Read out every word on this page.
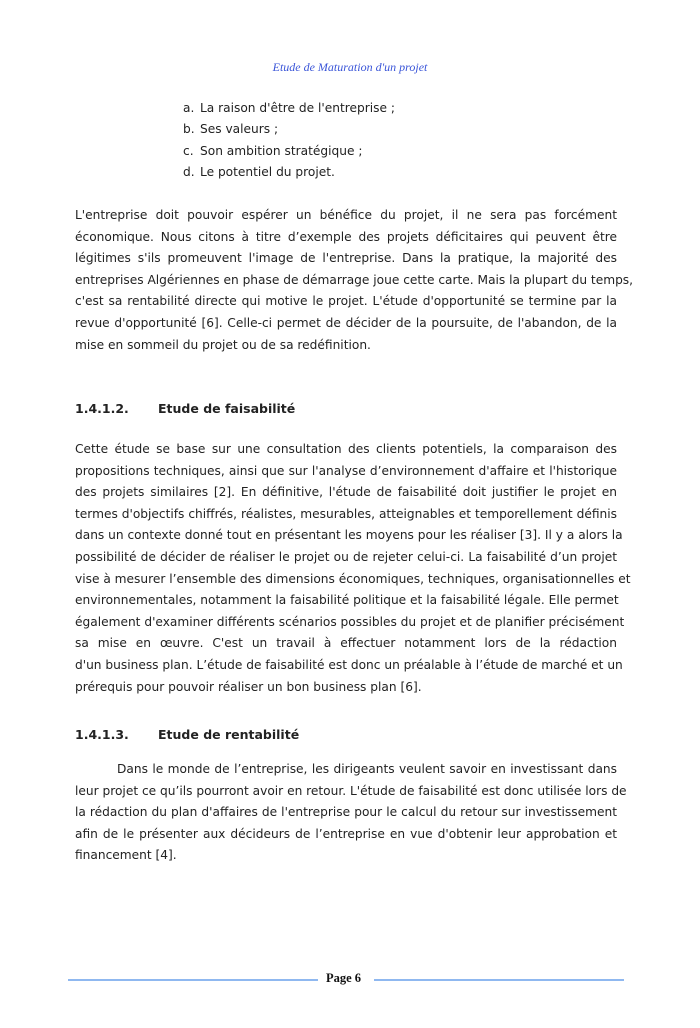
Etude de Maturation d'un projet
a. La raison d'être de l'entreprise ;
b. Ses valeurs ;
c. Son ambition stratégique ;
d. Le potentiel du projet.
L'entreprise doit pouvoir espérer un bénéfice du projet, il ne sera pas forcément
économique. Nous citons à titre d’exemple des projets déficitaires qui peuvent être
légitimes s'ils promeuvent l'image de l'entreprise. Dans la pratique, la majorité des
entreprises Algériennes en phase de démarrage joue cette carte. Mais la plupart du temps,
c'est sa rentabilité directe qui motive le projet. L'étude d'opportunité se termine par la
revue d'opportunité [6]. Celle-ci permet de décider de la poursuite, de l'abandon, de la
mise en sommeil du projet ou de sa redéfinition.
1.4.1.2. Etude de faisabilité
Cette étude se base sur une consultation des clients potentiels, la comparaison des
propositions techniques, ainsi que sur l'analyse d’environnement d'affaire et l'historique
des projets similaires [2]. En définitive, l'étude de faisabilité doit justifier le projet en
termes d'objectifs chiffrés, réalistes, mesurables, atteignables et temporellement définis
dans un contexte donné tout en présentant les moyens pour les réaliser [3]. Il y a alors la
possibilité de décider de réaliser le projet ou de rejeter celui-ci. La faisabilité d’un projet
vise à mesurer l’ensemble des dimensions économiques, techniques, organisationnelles et
environnementales, notamment la faisabilité politique et la faisabilité légale. Elle permet
également d'examiner différents scénarios possibles du projet et de planifier précisément
sa mise en œuvre. C'est un travail à effectuer notamment lors de la rédaction
d'un business plan. L’étude de faisabilité est donc un préalable à l’étude de marché et un
prérequis pour pouvoir réaliser un bon business plan [6].
1.4.1.3. Etude de rentabilité
Dans le monde de l’entreprise, les dirigeants veulent savoir en investissant dans
leur projet ce qu’ils pourront avoir en retour. L'étude de faisabilité est donc utilisée lors de
la rédaction du plan d'affaires de l'entreprise pour le calcul du retour sur investissement
afin de le présenter aux décideurs de l’entreprise en vue d'obtenir leur approbation et
financement [4].
Page 6
